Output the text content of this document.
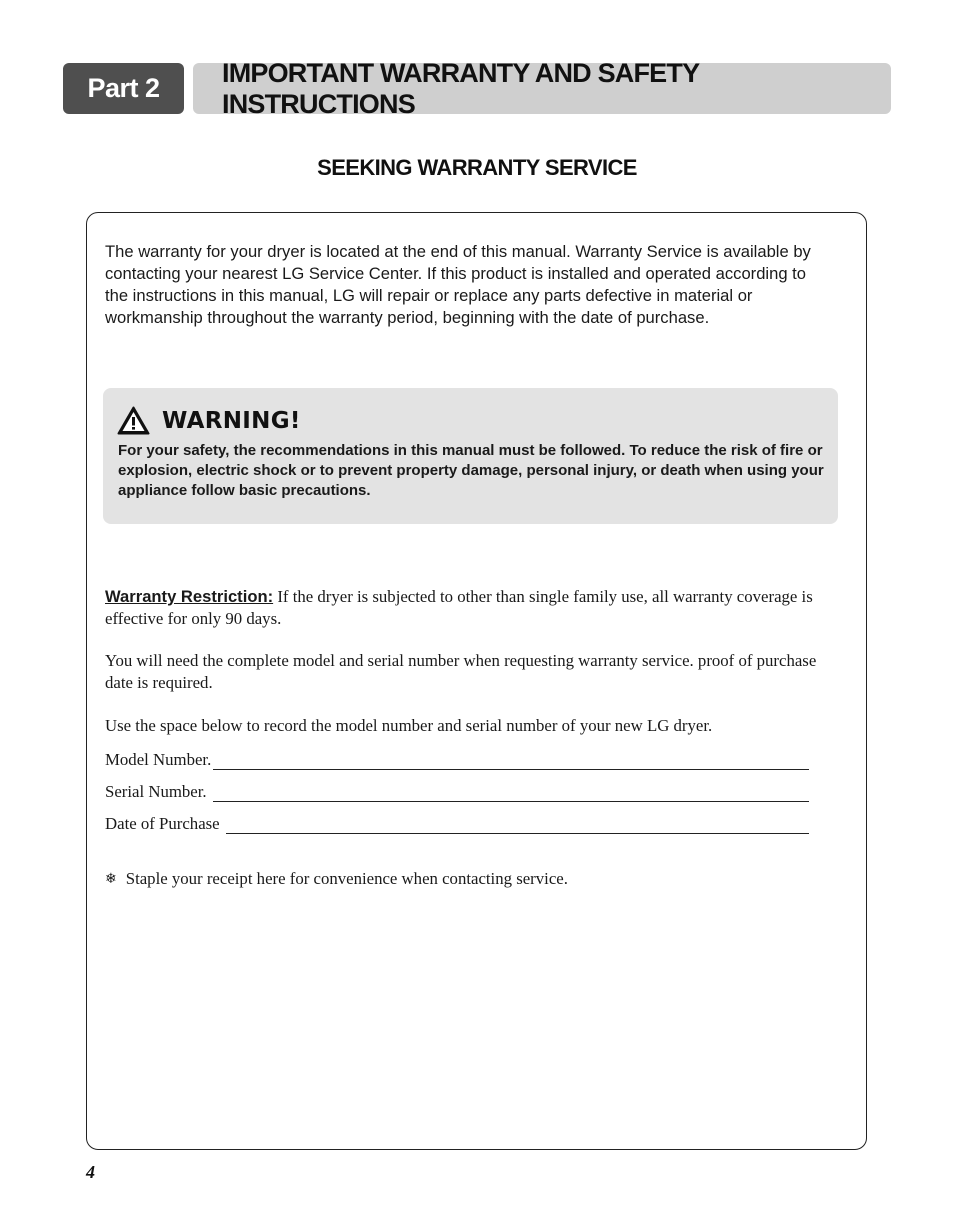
Part 2
IMPORTANT WARRANTY AND SAFETY INSTRUCTIONS
SEEKING WARRANTY SERVICE

The warranty for your dryer is located at the end of this manual. Warranty Service is available by contacting your nearest LG Service Center. If this product is installed and operated according to the instructions in this manual, LG will repair or replace any parts defective in material or workmanship throughout the warranty period, beginning with the date of purchase.

WARNING!

For your safety, the recommendations in this manual must be followed. To reduce the risk of fire or explosion, electric shock or to prevent property damage, personal injury, or death when using your appliance follow basic precautions.

Warranty Restriction: If the dryer is subjected to other than single family use, all warranty coverage is effective for only 90 days.

You will need the complete model and serial number when requesting warranty service. proof of purchase date is required.

Use the space below to record the model number and serial number of your new LG dryer.

Model Number.
Serial Number.
Date of Purchase
❄ Staple your receipt here for convenience when contacting service.
4
